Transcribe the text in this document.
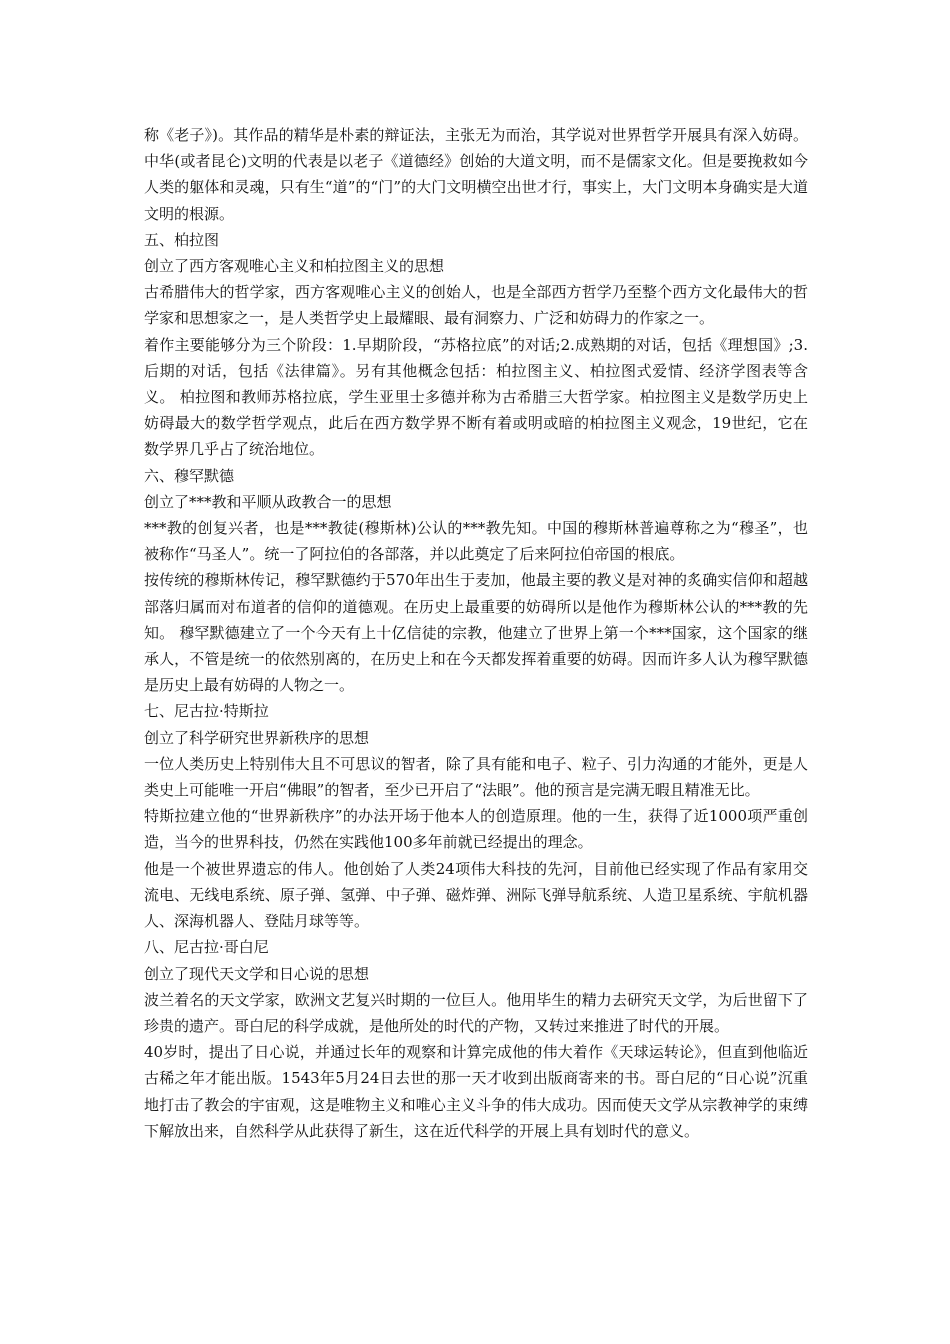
称《老子》)。其作品的精华是朴素的辩证法，主张无为而治，其学说对世界哲学开展具有深入妨碍。中华(或者昆仑)文明的代表是以老子《道德经》创始的大道文明，而不是儒家文化。但是要挽救如今人类的躯体和灵魂，只有生“道”的“门”的大门文明横空出世才行，事实上，大门文明本身确实是大道文明的根源。

五、柏拉图

创立了西方客观唯心主义和柏拉图主义的思想

古希腊伟大的哲学家，西方客观唯心主义的创始人，也是全部西方哲学乃至整个西方文化最伟大的哲学家和思想家之一，是人类哲学史上最耀眼、最有洞察力、广泛和妨碍力的作家之一。

着作主要能够分为三个阶段：1.早期阶段，“苏格拉底”的对话;2.成熟期的对话，包括《理想国》;3.后期的对话，包括《法律篇》。另有其他概念包括：柏拉图主义、柏拉图式爱情、经济学图表等含义。 柏拉图和教师苏格拉底，学生亚里士多德并称为古希腊三大哲学家。柏拉图主义是数学历史上妨碍最大的数学哲学观点，此后在西方数学界不断有着或明或暗的柏拉图主义观念，19世纪，它在数学界几乎占了统治地位。

六、穆罕默德

创立了***教和平顺从政教合一的思想

***教的创复兴者，也是***教徒(穆斯林)公认的***教先知。中国的穆斯林普遍尊称之为“穆圣”，也被称作“马圣人”。统一了阿拉伯的各部落，并以此奠定了后来阿拉伯帝国的根底。

按传统的穆斯林传记，穆罕默德约于570年出生于麦加，他最主要的教义是对神的炙确实信仰和超越部落归属而对布道者的信仰的道德观。在历史上最重要的妨碍所以是他作为穆斯林公认的***教的先知。 穆罕默德建立了一个今天有上十亿信徒的宗教，他建立了世界上第一个***国家，这个国家的继承人，不管是统一的依然别离的，在历史上和在今天都发挥着重要的妨碍。因而许多人认为穆罕默德是历史上最有妨碍的人物之一。

七、尼古拉·特斯拉

创立了科学研究世界新秩序的思想

一位人类历史上特别伟大且不可思议的智者，除了具有能和电子、粒子、引力沟通的才能外，更是人类史上可能唯一开启“佛眼”的智者，至少已开启了“法眼”。他的预言是完满无暇且精准无比。

特斯拉建立他的“世界新秩序”的办法开场于他本人的创造原理。他的一生，获得了近1000项严重创造，当今的世界科技，仍然在实践他100多年前就已经提出的理念。

他是一个被世界遗忘的伟人。他创始了人类24项伟大科技的先河，目前他已经实现了作品有家用交流电、无线电系统、原子弹、氢弹、中子弹、磁炸弹、洲际飞弹导航系统、人造卫星系统、宇航机器人、深海机器人、登陆月球等等。

八、尼古拉·哥白尼

创立了现代天文学和日心说的思想

波兰着名的天文学家，欧洲文艺复兴时期的一位巨人。他用毕生的精力去研究天文学，为后世留下了珍贵的遗产。哥白尼的科学成就，是他所处的时代的产物，又转过来推进了时代的开展。

40岁时，提出了日心说，并通过长年的观察和计算完成他的伟大着作《天球运转论》，但直到他临近古稀之年才能出版。1543年5月24日去世的那一天才收到出版商寄来的书。哥白尼的“日心说”沉重地打击了教会的宇宙观，这是唯物主义和唯心主义斗争的伟大成功。因而使天文学从宗教神学的束缚下解放出来，自然科学从此获得了新生，这在近代科学的开展上具有划时代的意义。
